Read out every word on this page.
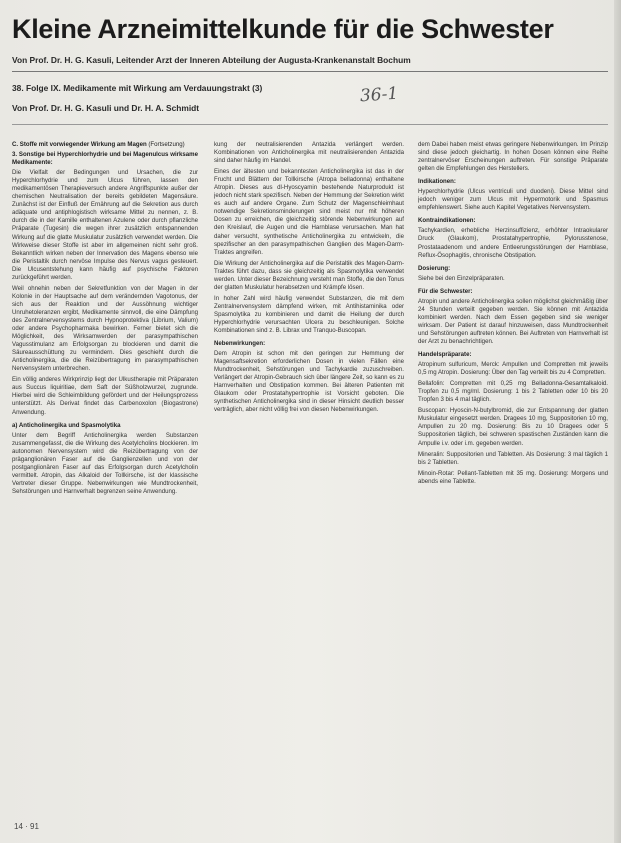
Kleine Arzneimittelkunde für die Schwester
Von Prof. Dr. H. G. Kasuli, Leitender Arzt der Inneren Abteilung der Augusta-Krankenanstalt Bochum
38. Folge IX. Medikamente mit Wirkung am Verdauungstrakt (3)
Von Prof. Dr. H. G. Kasuli und Dr. H. A. Schmidt
36-1

C. Stoffe mit vorwiegender Wirkung am Magen (Fortsetzung)

3. Sonstige bei Hyperchlorhydrie und bei Magenulcus wirksame Medikamente:

Die Vielfalt der Bedingungen und Ursachen, die zur Hyperchlorhydrie und zum Ulcus führen, lassen den medikamentösen Therapieversuch andere Angriffspunkte außer der chemischen Neutralisation der bereits gebildeten Magensäure. Zunächst ist der Einfluß der Ernährung auf die Sekretion aus durch adäquate und antiphlogistisch wirksame Mittel zu nennen, z. B. durch die in der Kamille enthaltenen Azulene oder durch pflanzliche Präparate (Tugesin) die wegen ihrer zusätzlich entspannenden Wirkung auf die glatte Muskulatur zusätzlich verwendet werden. Die Wirkweise dieser Stoffe ist aber im allgemeinen nicht sehr groß. Bekanntlich wirken neben der Innervation des Magens ebenso wie die Peristaltik durch nervöse Impulse des Nervus vagus gesteuert. Die Ulcusentstehung kann häufig auf psychische Faktoren zurückgeführt werden.

Weil ohnehin neben der Sekretfunktion von der Magen in der Kolonie in der Hauptsache auf dem verändernden Vagotonus, der sich aus der Reaktion und der Aussöhnung wichtiger Unruhetoleranzen ergibt, Medikamente sinnvoll, die eine Dämpfung des Zentralnervensystems durch Hypnoprotektiva (Librium, Valium) oder andere Psychopharmaka bewirken. Ferner bietet sich die Möglichkeit, des Wirksamwerden der parasympathischen Vagusstimulanz am Erfolgsorgan zu blockieren und damit die Säureausschüttung zu vermindern. Dies geschieht durch die Anticholinergika, die die Reizübertragung im parasympathischen Nervensystem unterbrechen.

Ein völlig anderes Wirkprinzip liegt der Ulkustherapie mit Präparaten aus Succus liquiritiae, dem Saft der Süßholzwurzel, zugrunde. Hierbei wird die Schleimbildung gefördert und der Heilungsprozess unterstützt. Als Derivat findet das Carbenoxolon (Biogastrone) Anwendung.

a) Anticholinergika und Spasmolytika

Unter dem Begriff Anticholinergika werden Substanzen zusammengefasst, die die Wirkung des Acetylcholins blockieren. Im autonomen Nervensystem wird die Reizübertragung von der präganglionären Faser auf die Ganglienzellen und von der postganglionären Faser auf das Erfolgsorgan durch Acetylcholin vermittelt. Atropin, das Alkaloid der Tollkirsche, ist der klassische Vertreter dieser Gruppe. Nebenwirkungen wie Mundtrockenheit, Sehstörungen und Harnverhalt begrenzen seine Anwendung.

kung der neutralisierenden Antazida verlängert werden. Kombinationen von Anticholinergika mit neutralisierenden Antazida sind daher häufig im Handel.

Eines der ältesten und bekanntesten Anticholinergika ist das in der Frucht und Blättern der Tollkirsche (Atropa belladonna) enthaltene Atropin. Dieses aus dl-Hyoscyamin bestehende Naturprodukt ist jedoch nicht stark spezifisch. Neben der Hemmung der Sekretion wirkt es auch auf andere Organe. Zum Schutz der Magenschleimhaut notwendige Sekretionsminderungen sind meist nur mit höheren Dosen zu erreichen, die gleichzeitig störende Nebenwirkungen auf den Kreislauf, die Augen und die Harnblase verursachen. Man hat daher versucht, synthetische Anticholinergika zu entwickeln, die spezifischer an den parasympathischen Ganglien des Magen-Darm-Traktes angreifen.

Die Wirkung der Anticholinergika auf die Peristaltik des Magen-Darm-Traktes führt dazu, dass sie gleichzeitig als Spasmolytika verwendet werden. Unter dieser Bezeichnung versteht man Stoffe, die den Tonus der glatten Muskulatur herabsetzen und Krämpfe lösen.

In hoher Zahl wird häufig verwendet Substanzen, die mit dem Zentralnervensystem dämpfend wirken, mit Antihistaminika oder Spasmolytika zu kombinieren und damit die Heilung der durch Hyperchlorhydrie verursachten Ulcera zu beschleunigen. Solche Kombinationen sind z. B. Librax und Tranquo-Buscopan.

Nebenwirkungen:

Dem Atropin ist schon mit den geringen zur Hemmung der Magensaftsekretion erforderlichen Dosen in vielen Fällen eine Mundtrockenheit, Sehstörungen und Tachykardie zuzuschreiben. Verlängert der Atropin-Gebrauch sich über längere Zeit, so kann es zu Harnverhalten und Obstipation kommen. Bei älteren Patienten mit Glaukom oder Prostatahypertrophie ist Vorsicht geboten. Die synthetischen Anticholinergika sind in dieser Hinsicht deutlich besser verträglich, aber nicht völlig frei von diesen Nebenwirkungen.

dem Dabei haben meist etwas geringere Nebenwirkungen. Im Prinzip sind diese jedoch gleichartig. In hohen Dosen können eine Reihe zentralnervöser Erscheinungen auftreten. Für sonstige Präparate gelten die Empfehlungen des Herstellers.

Indikationen:

Hyperchlorhydrie (Ulcus ventriculi und duodeni). Diese Mittel sind jedoch weniger zum Ulcus mit Hypermotorik und Spasmus empfehlenswert. Siehe auch Kapitel Vegetatives Nervensystem.

Kontraindikationen:

Tachykardien, erhebliche Herzinsuffizienz, erhöhter Intraokularer Druck (Glaukom), Prostatahypertrophie, Pylorusstenose, Prostataadenom und andere Entleerungsstörungen der Harnblase, Reflux-Ösophagitis, chronische Obstipation.

Dosierung:

Siehe bei den Einzelpräparaten.

Für die Schwester:

Atropin und andere Anticholinergika sollen möglichst gleichmäßig über 24 Stunden verteilt gegeben werden. Sie können mit Antazida kombiniert werden. Nach dem Essen gegeben sind sie weniger wirksam. Der Patient ist darauf hinzuweisen, dass Mundtrockenheit und Sehstörungen auftreten können. Bei Auftreten von Harnverhalt ist der Arzt zu benachrichtigen.

Handelspräparate:

Atropinum sulfuricum, Merck: Ampullen und Compretten mit jeweils 0,5 mg Atropin. Dosierung: Über den Tag verteilt bis zu 4 Compretten.

Bellafolin: Compretten mit 0,25 mg Belladonna-Gesamtalkaloid. Tropfen zu 0,5 mg/ml. Dosierung: 1 bis 2 Tabletten oder 10 bis 20 Tropfen 3 bis 4 mal täglich.

Buscopan: Hyoscin-N-butylbromid, die zur Entspannung der glatten Muskulatur eingesetzt werden. Dragees 10 mg, Suppositorien 10 mg, Ampullen zu 20 mg. Dosierung: Bis zu 10 Dragees oder 5 Suppositorien täglich, bei schweren spastischen Zuständen kann die Ampulle i.v. oder i.m. gegeben werden.

Mineralin: Suppositorien und Tabletten. Als Dosierung: 3 mal täglich 1 bis 2 Tabletten.

Minoin-Rotar: Pellant-Tabletten mit 35 mg. Dosierung: Morgens und abends eine Tablette.

14 · 91
